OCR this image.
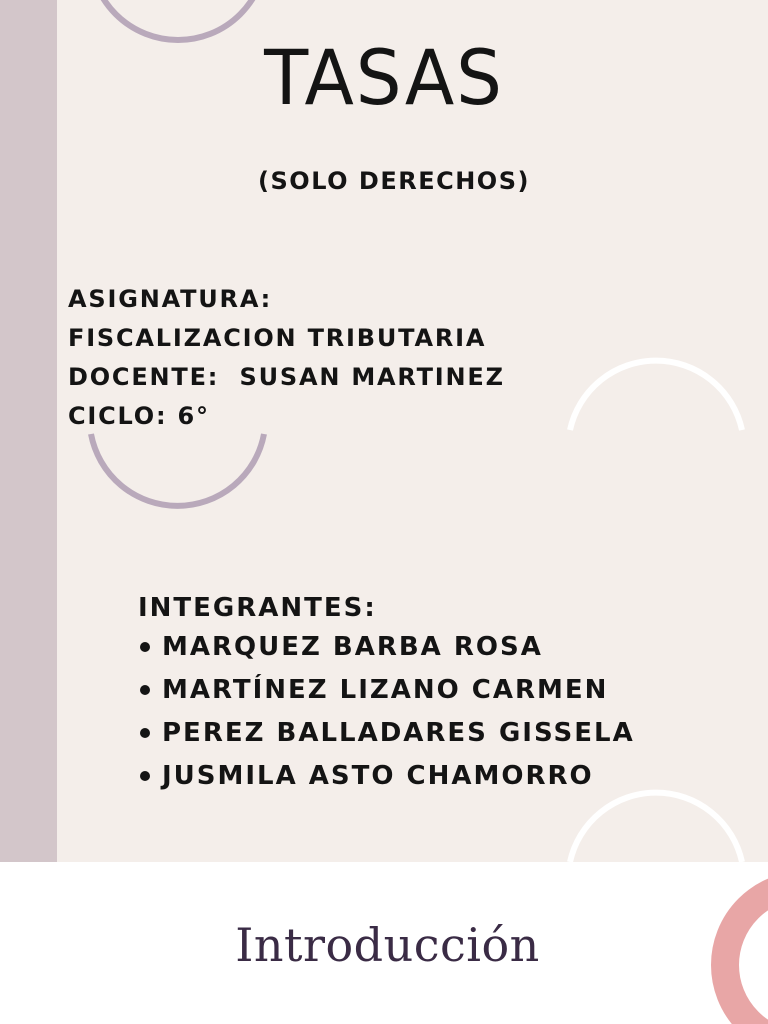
TASAS
(SOLO DERECHOS)
ASIGNATURA:
FISCALIZACION TRIBUTARIA
DOCENTE:  SUSAN MARTINEZ
CICLO: 6°
INTEGRANTES:
MARQUEZ BARBA ROSA
MARTÍNEZ LIZANO CARMEN
PEREZ BALLADARES GISSELA
JUSMILA ASTO CHAMORRO
Introducción
